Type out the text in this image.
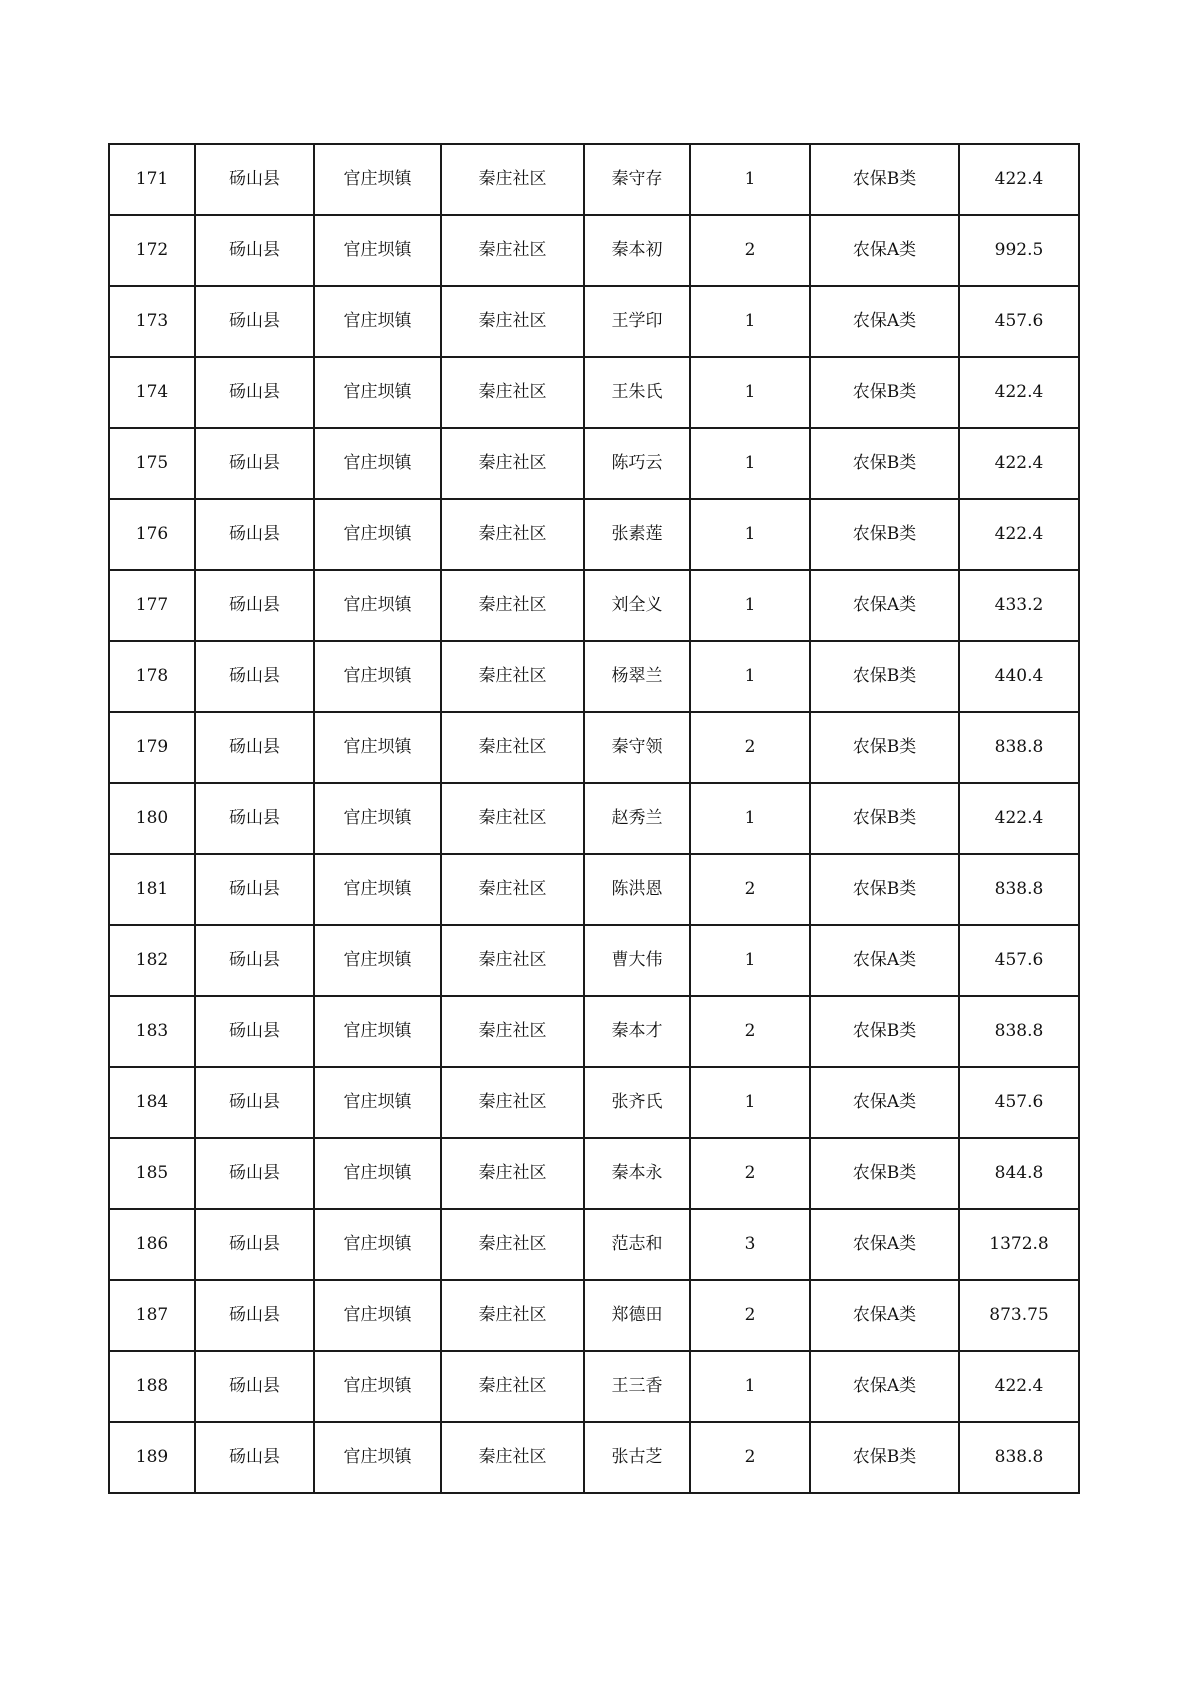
171	砀山县	官庄坝镇	秦庄社区	秦守存	1	农保B类	422.4
172	砀山县	官庄坝镇	秦庄社区	秦本初	2	农保A类	992.5
173	砀山县	官庄坝镇	秦庄社区	王学印	1	农保A类	457.6
174	砀山县	官庄坝镇	秦庄社区	王朱氏	1	农保B类	422.4
175	砀山县	官庄坝镇	秦庄社区	陈巧云	1	农保B类	422.4
176	砀山县	官庄坝镇	秦庄社区	张素莲	1	农保B类	422.4
177	砀山县	官庄坝镇	秦庄社区	刘全义	1	农保A类	433.2
178	砀山县	官庄坝镇	秦庄社区	杨翠兰	1	农保B类	440.4
179	砀山县	官庄坝镇	秦庄社区	秦守领	2	农保B类	838.8
180	砀山县	官庄坝镇	秦庄社区	赵秀兰	1	农保B类	422.4
181	砀山县	官庄坝镇	秦庄社区	陈洪恩	2	农保B类	838.8
182	砀山县	官庄坝镇	秦庄社区	曹大伟	1	农保A类	457.6
183	砀山县	官庄坝镇	秦庄社区	秦本才	2	农保B类	838.8
184	砀山县	官庄坝镇	秦庄社区	张齐氏	1	农保A类	457.6
185	砀山县	官庄坝镇	秦庄社区	秦本永	2	农保B类	844.8
186	砀山县	官庄坝镇	秦庄社区	范志和	3	农保A类	1372.8
187	砀山县	官庄坝镇	秦庄社区	郑德田	2	农保A类	873.75
188	砀山县	官庄坝镇	秦庄社区	王三香	1	农保A类	422.4
189	砀山县	官庄坝镇	秦庄社区	张古芝	2	农保B类	838.8
